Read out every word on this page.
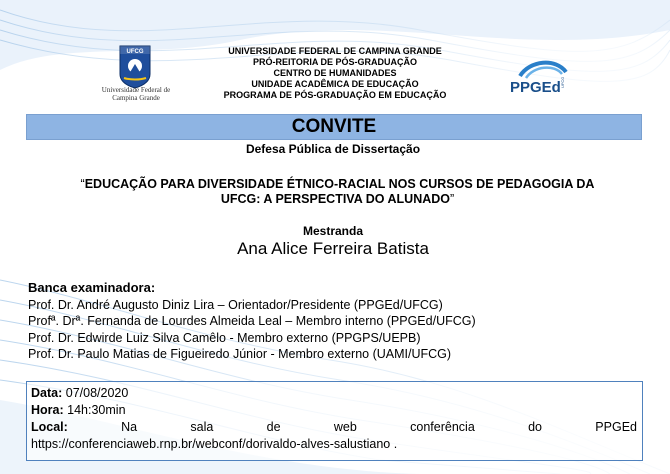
UFCG
Universidade Federal de Campina Grande
UNIVERSIDADE FEDERAL DE CAMPINA GRANDE
PRÓ-REITORIA DE PÓS-GRADUAÇÃO
CENTRO DE HUMANIDADES
UNIDADE ACADÊMICA DE EDUCAÇÃO
PROGRAMA DE PÓS-GRADUAÇÃO EM EDUCAÇÃO	PPGEd UFCG
CONVITE
Defesa Pública de Dissertação
“EDUCAÇÃO PARA DIVERSIDADE ÉTNICO-RACIAL NOS CURSOS DE PEDAGOGIA DA UFCG: A PERSPECTIVA DO ALUNADO”
Mestranda
Ana Alice Ferreira Batista
Banca examinadora:
Prof. Dr. André Augusto Diniz Lira – Orientador/Presidente (PPGEd/UFCG)
Profª. Drª. Fernanda de Lourdes Almeida Leal – Membro interno (PPGEd/UFCG)
Prof. Dr. Edwirde Luiz Silva Camêlo - Membro externo (PPGPS/UEPB)
Prof. Dr. Paulo Matias de Figueiredo Júnior - Membro externo (UAMI/UFCG)
Data: 07/08/2020
Hora: 14h:30min
Local:	Na	sala	de	web	conferência	do	PPGEd
https://conferenciaweb.rnp.br/webconf/dorivaldo-alves-salustiano .
